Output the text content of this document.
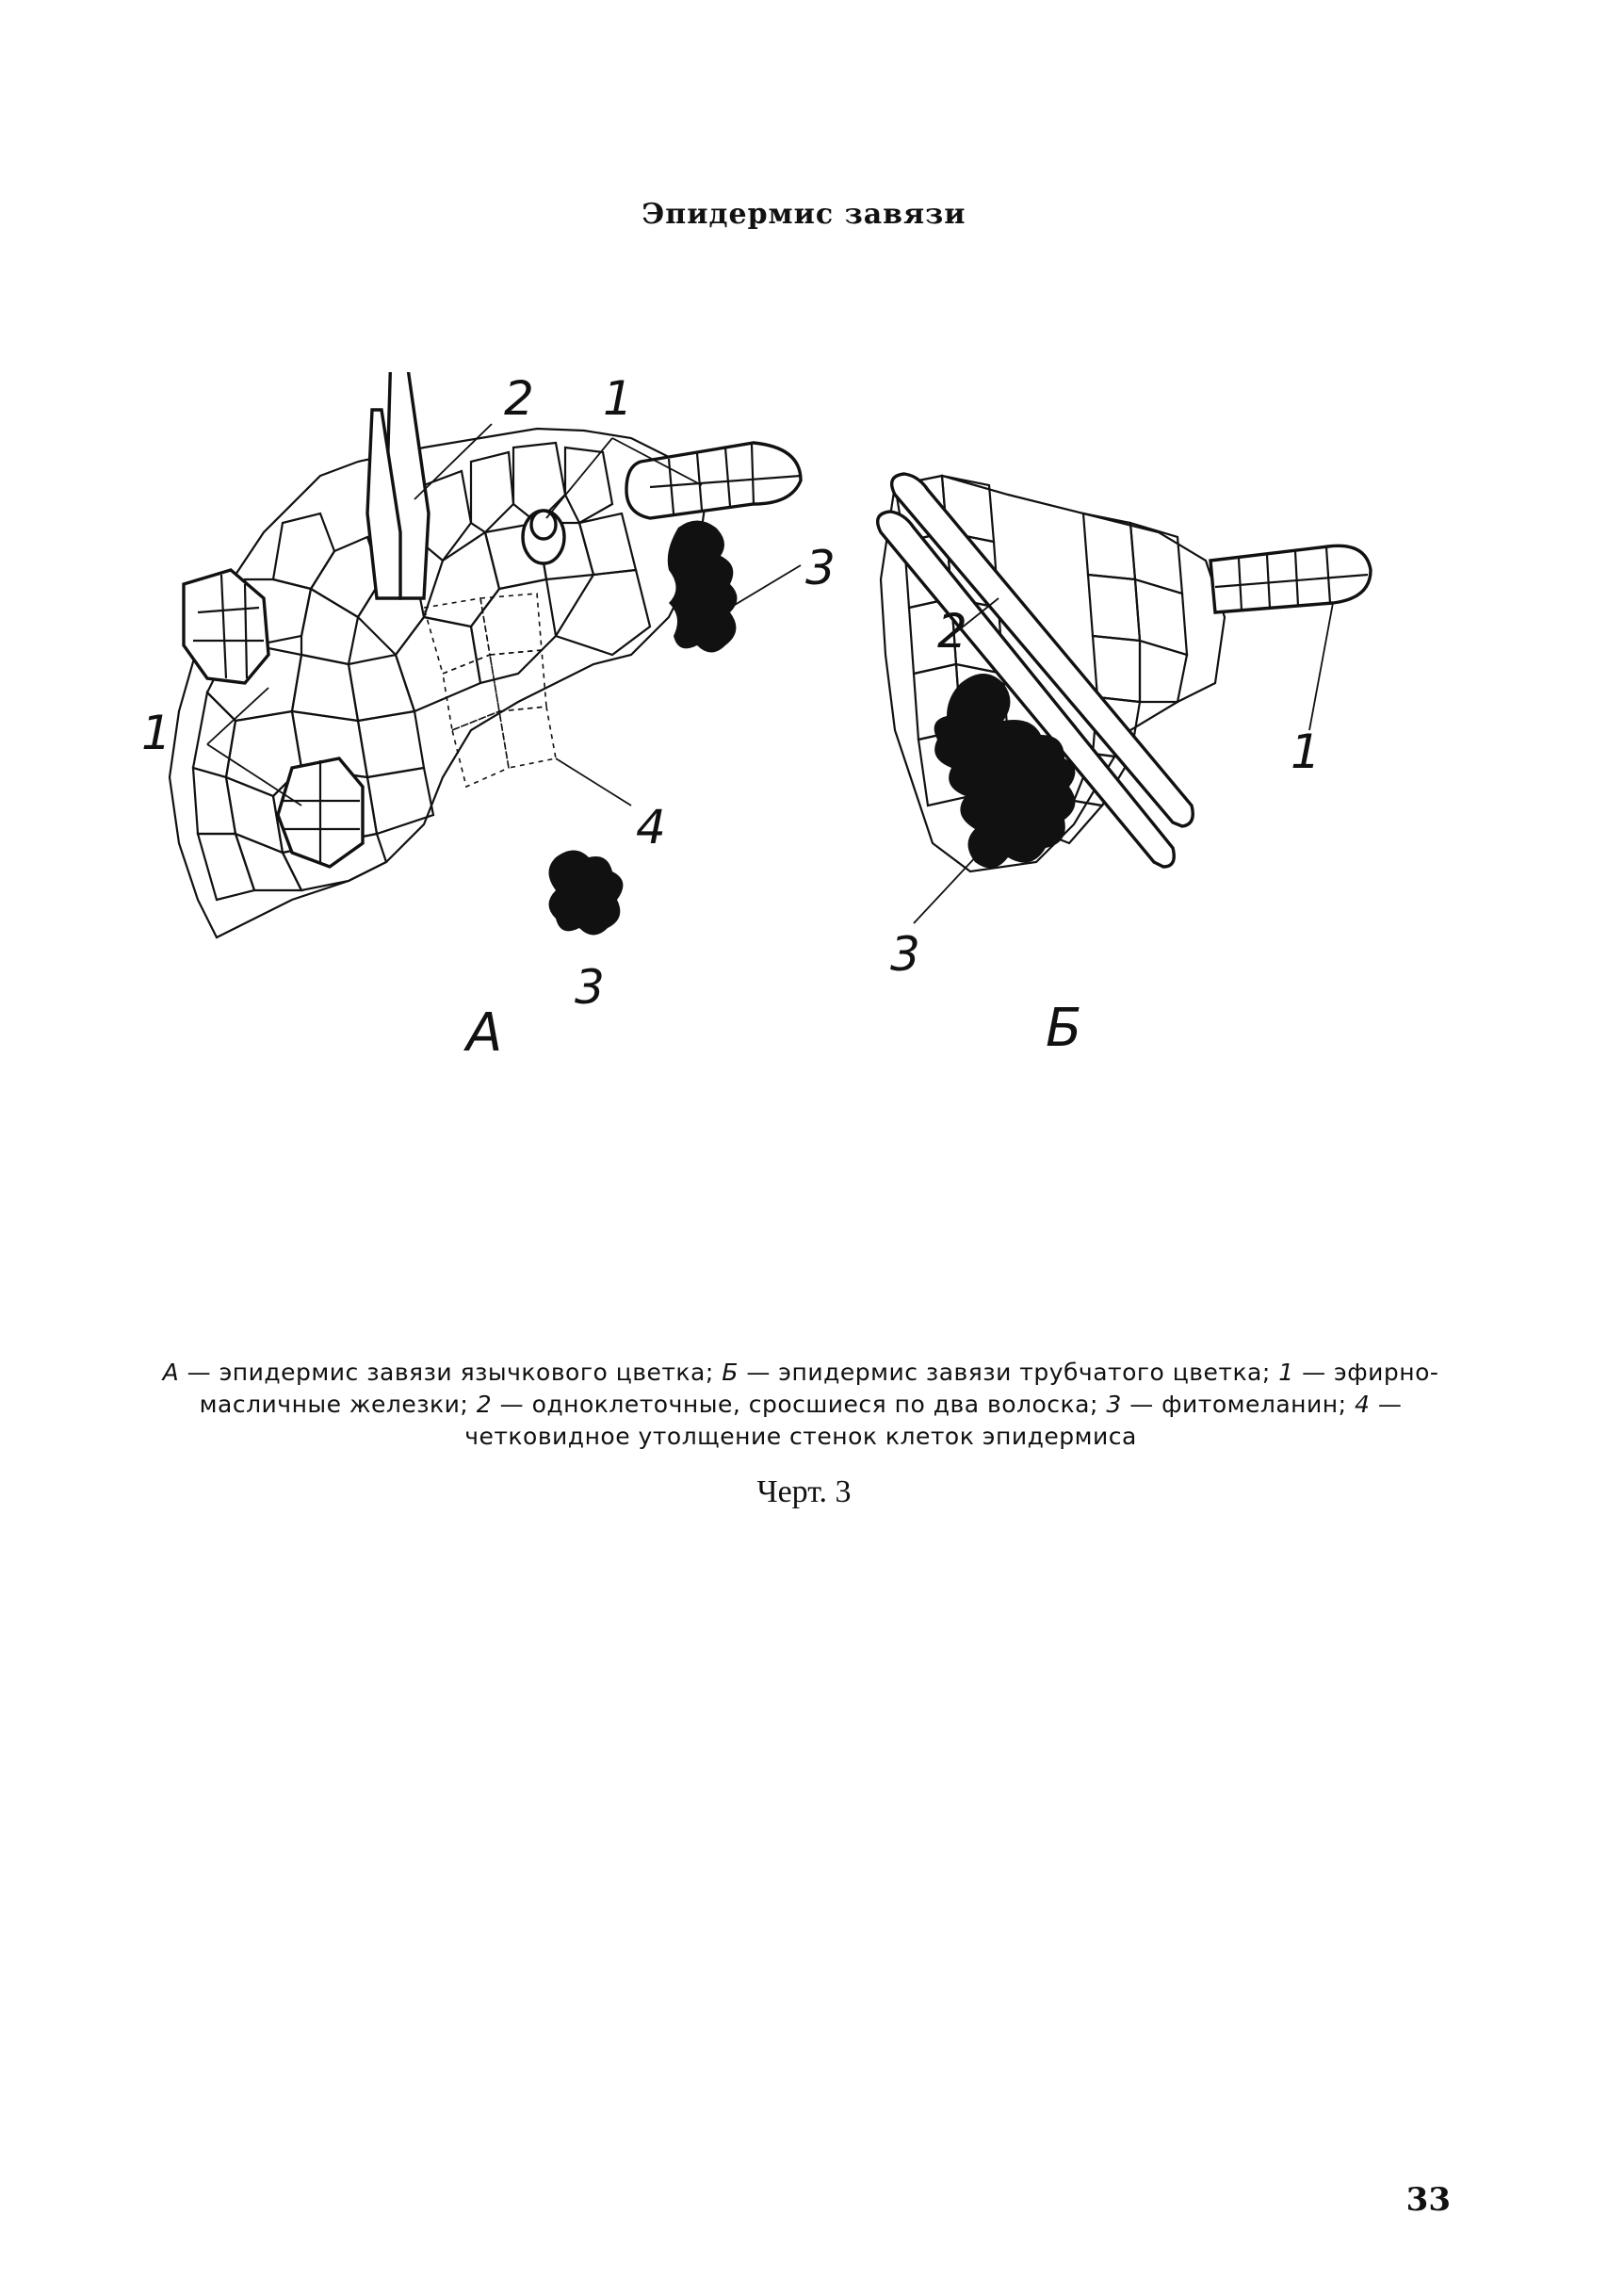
Эпидермис завязи
2 1
3
1
4
3
А
2
1
3
Б
А — эпидермис завязи язычкового цветка; Б — эпидермис завязи трубчатого цветка; 1 — эфирно-масличные железки; 2 — одноклеточные, сросшиеся по два волоска; 3 — фитомеланин; 4 — четковидное утолщение стенок клеток эпидермиса
Черт. 3
33
